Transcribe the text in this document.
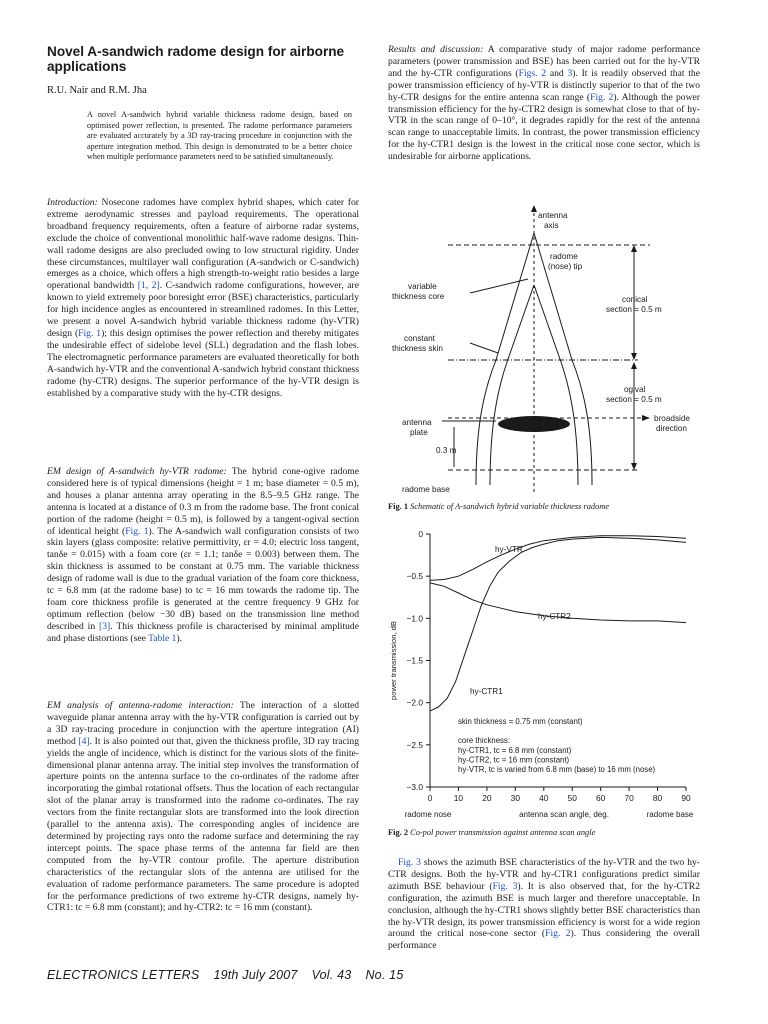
Novel A-sandwich radome design for airborne applications
R.U. Nair and R.M. Jha
A novel A-sandwich hybrid variable thickness radome design, based on optimised power reflection, is presented. The radome performance parameters are evaluated accurately by a 3D ray-tracing procedure in conjunction with the aperture integration method. This design is demonstrated to be a better choice when multiple performance parameters need to be satisfied simultaneously.

Introduction: Nosecone radomes have complex hybrid shapes, which cater for extreme aerodynamic stresses and payload requirements. The operational broadband frequency requirements, often a feature of airborne radar systems, exclude the choice of conventional monolithic half-wave radome designs. Thin-wall radome designs are also precluded owing to low structural rigidity. Under these circumstances, multilayer wall configuration (A-sandwich or C-sandwich) emerges as a choice, which offers a high strength-to-weight ratio besides a large operational bandwidth [1, 2]. C-sandwich radome configurations, however, are known to yield extremely poor boresight error (BSE) characteristics, particularly for high incidence angles as encountered in streamlined radomes. In this Letter, we present a novel A-sandwich hybrid variable thickness radome (hy-VTR) design (Fig. 1); this design optimises the power reflection and thereby mitigates the undesirable effect of sidelobe level (SLL) degradation and the flash lobes. The electromagnetic performance parameters are evaluated theoretically for both A-sandwich hy-VTR and the conventional A-sandwich hybrid constant thickness radome (hy-CTR) designs. The superior performance of the hy-VTR design is established by a comparative study with the hy-CTR designs.

EM design of A-sandwich hy-VTR radome: The hybrid cone-ogive radome considered here is of typical dimensions (height = 1 m; base diameter = 0.5 m), and houses a planar antenna array operating in the 8.5–9.5 GHz range. The antenna is located at a distance of 0.3 m from the radome base. The front conical portion of the radome (height = 0.5 m), is followed by a tangent-ogival section of identical height (Fig. 1). The A-sandwich wall configuration consists of two skin layers (glass composite: relative permittivity, εr = 4.0; electric loss tangent, tanδe = 0.015) with a foam core (εr = 1.1; tanδe = 0.003) between them. The skin thickness is assumed to be constant at 0.75 mm. The variable thickness design of radome wall is due to the gradual variation of the foam core thickness, tc = 6.8 mm (at the radome base) to tc = 16 mm towards the radome tip. The foam core thickness profile is generated at the centre frequency 9 GHz for optimum reflection (below −30 dB) based on the transmission line method described in [3]. This thickness profile is characterised by minimal amplitude and phase distortions (see Table 1).

EM analysis of antenna-radome interaction: The interaction of a slotted waveguide planar antenna array with the hy-VTR configuration is carried out by a 3D ray-tracing procedure in conjunction with the aperture integration (AI) method [4]. It is also pointed out that, given the thickness profile, 3D ray tracing yields the angle of incidence, which is distinct for the various slots of the finite-dimensional planar antenna array. The initial step involves the transformation of aperture points on the antenna surface to the co-ordinates of the radome after incorporating the gimbal rotational offsets. Thus the location of each rectangular slot of the planar array is transformed into the radome co-ordinates. The ray vectors from the finite rectangular slots are transformed into the look direction (parallel to the antenna axis). The corresponding angles of incidence are determined by projecting rays onto the radome surface and determining the ray intercept points. The space phase terms of the antenna far field are then computed from the hy-VTR contour profile. The aperture distribution characteristics of the rectangular slots of the antenna are utilised for the evaluation of radome performance parameters. The same procedure is adopted for the performance predictions of two extreme hy-CTR designs, namely hy-CTR1: tc = 6.8 mm (constant); and hy-CTR2: tc = 16 mm (constant).

Results and discussion: A comparative study of major radome performance parameters (power transmission and BSE) has been carried out for the hy-VTR and the hy-CTR configurations (Figs. 2 and 3). It is readily observed that the power transmission efficiency of hy-VTR is distinctly superior to that of the two hy-CTR designs for the entire antenna scan range (Fig. 2). Although the power transmission efficiency for the hy-CTR2 design is somewhat close to that of hy-VTR in the scan range of 0–10°, it degrades rapidly for the rest of the antenna scan range to unacceptable limits. In contrast, the power transmission efficiency for the hy-CTR1 design is the lowest in the critical nose cone sector, which is undesirable for airborne applications.

antenna
axis
radome
(nose) tip
variable
thickness core	conical
section = 0.5 m
constant
thickness skin
ogival
section = 0.5 m
broadside
direction
antenna
plate
0.3 m
radome base
Fig. 1 Schematic of A-sandwich hybrid variable thickness radome
0	10 20 30 40 50 60 70 80 90
0
−0.5
−1.0
−1.5
−2.0
−2.5
−3.0
power transmission, dB
antenna scan angle, deg.
radome nose	radome base
hy-VTR
hy-CTR2
hy-CTR1
skin thickness = 0.75 mm (constant)
core thickness:
hy-CTR1, tc = 6.8 mm (constant)
hy-CTR2, tc = 16 mm (constant)
hy-VTR, tc is varied from 6.8 mm (base) to 16 mm (nose)
Fig. 2 Co-pol power transmission against antenna scan angle

Fig. 3 shows the azimuth BSE characteristics of the hy-VTR and the two hy-CTR designs. Both the hy-VTR and hy-CTR1 configurations predict similar azimuth BSE behaviour (Fig. 3). It is also observed that, for the hy-CTR2 configuration, the azimuth BSE is much larger and therefore unacceptable. In conclusion, although the hy-CTR1 shows slightly better BSE characteristics than the hy-VTR design, its power transmission efficiency is worst for a wide region around the critical nose-cone sector (Fig. 2). Thus considering the overall performance

ELECTRONICS LETTERS 19th July 2007 Vol. 43 No. 15
